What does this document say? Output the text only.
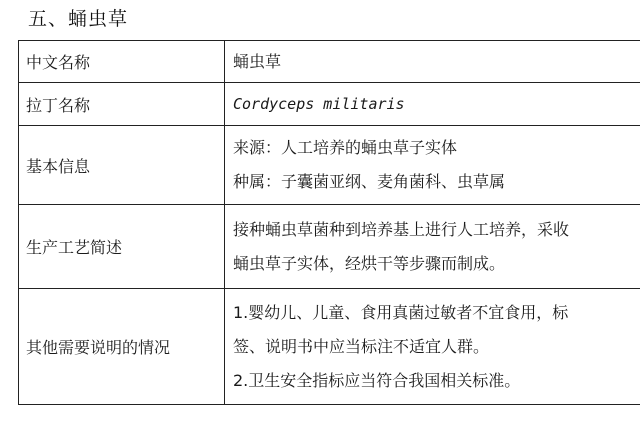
五、蛹虫草
中文名称	蛹虫草

拉丁名称	Cordyceps militaris

基本信息	来源：人工培养的蛹虫草子实体
种属：子囊菌亚纲、麦角菌科、虫草属

生产工艺简述	接种蛹虫草菌种到培养基上进行人工培养，采收
蛹虫草子实体，经烘干等步骤而制成。

其他需要说明的情况	1.婴幼儿、儿童、食用真菌过敏者不宜食用，标
签、说明书中应当标注不适宜人群。
2.卫生安全指标应当符合我国相关标准。
